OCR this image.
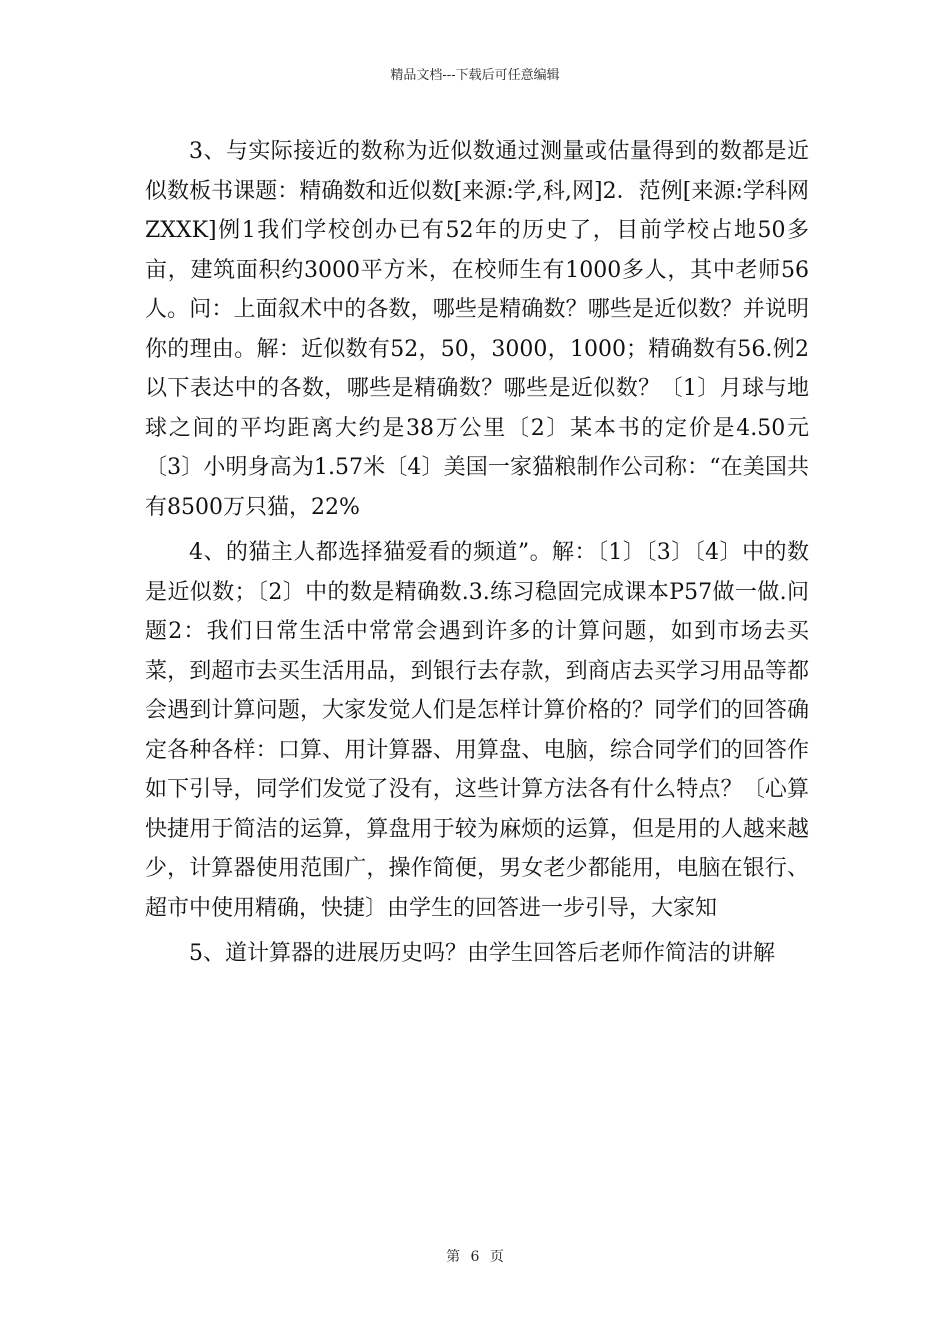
精品文档---下载后可任意编辑

3、与实际接近的数称为近似数通过测量或估量得到的数都是近似数板书课题：精确数和近似数[来源:学,科,网]2．范例[来源:学科网ZXXK]例1我们学校创办已有52年的历史了，目前学校占地50多亩，建筑面积约3000平方米，在校师生有1000多人，其中老师56人。问：上面叙术中的各数，哪些是精确数？哪些是近似数？并说明你的理由。解：近似数有52，50，3000，1000；精确数有56.例2以下表达中的各数，哪些是精确数？哪些是近似数？〔1〕月球与地球之间的平均距离大约是38万公里〔2〕某本书的定价是4.50元〔3〕小明身高为1.57米〔4〕美国一家猫粮制作公司称：“在美国共有8500万只猫，22%

4、的猫主人都选择猫爱看的频道”。解：〔1〕〔3〕〔4〕中的数是近似数；〔2〕中的数是精确数.3.练习稳固完成课本P57做一做.问题2：我们日常生活中常常会遇到许多的计算问题，如到市场去买菜，到超市去买生活用品，到银行去存款，到商店去买学习用品等都会遇到计算问题，大家发觉人们是怎样计算价格的？同学们的回答确定各种各样：口算、用计算器、用算盘、电脑，综合同学们的回答作如下引导，同学们发觉了没有，这些计算方法各有什么特点？〔心算快捷用于简洁的运算，算盘用于较为麻烦的运算，但是用的人越来越少，计算器使用范围广，操作简便，男女老少都能用，电脑在银行、超市中使用精确，快捷〕由学生的回答进一步引导，大家知

5、道计算器的进展历史吗？由学生回答后老师作简洁的讲解

第 6 页
